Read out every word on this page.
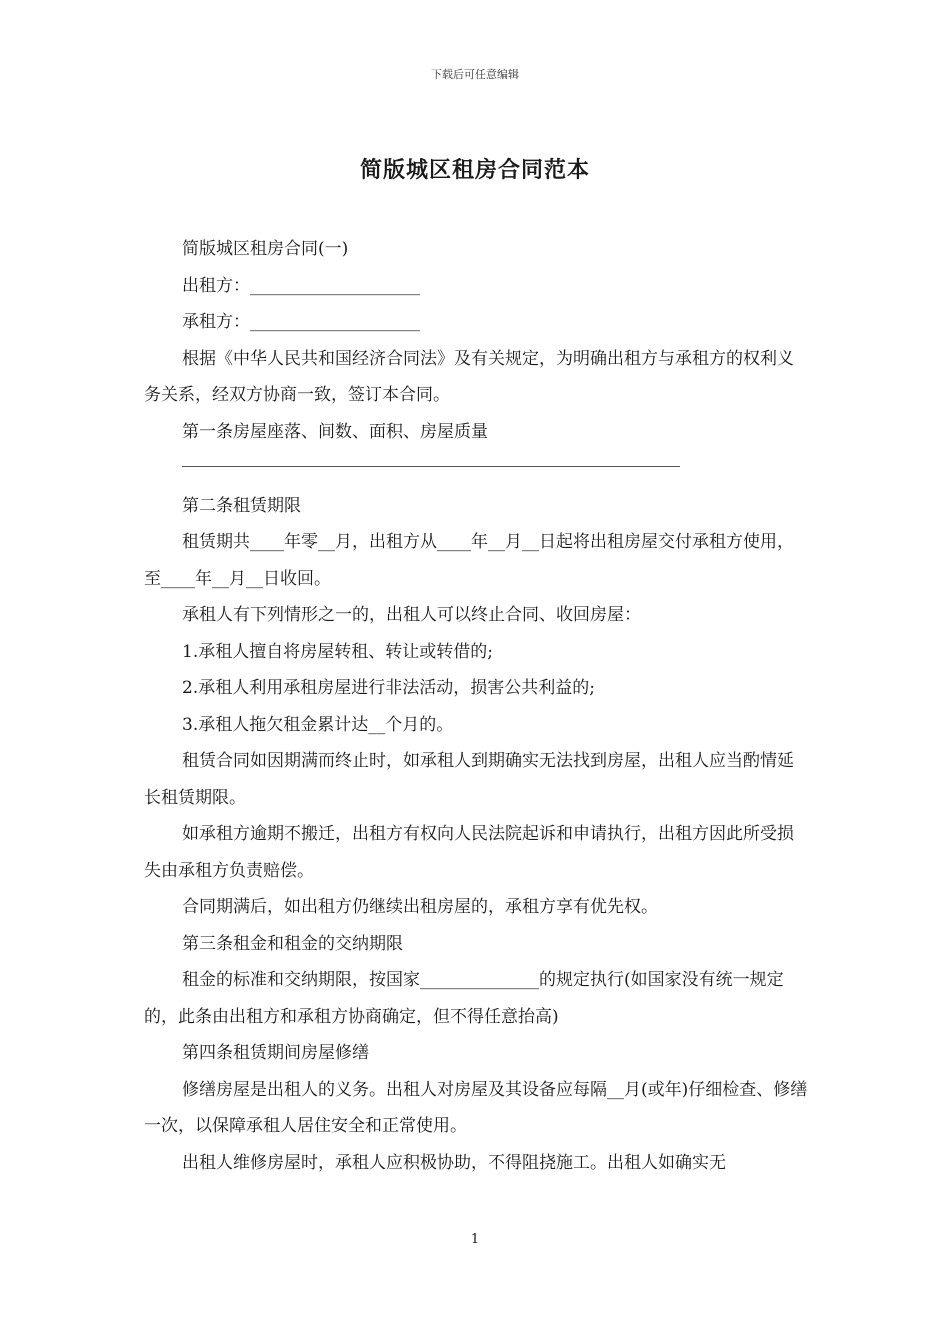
下载后可任意编辑
简版城区租房合同范本

简版城区租房合同(一)

出租方：____________________

承租方：____________________

根据《中华人民共和国经济合同法》及有关规定，为明确出租方与承租方的权利义务关系，经双方协商一致，签订本合同。

第一条房屋座落、间数、面积、房屋质量

第二条租赁期限

租赁期共____年零__月，出租方从____年__月__日起将出租房屋交付承租方使用，至____年__月__日收回。

承租人有下列情形之一的，出租人可以终止合同、收回房屋：

1.承租人擅自将房屋转租、转让或转借的;

2.承租人利用承租房屋进行非法活动，损害公共利益的;

3.承租人拖欠租金累计达__个月的。

租赁合同如因期满而终止时，如承租人到期确实无法找到房屋，出租人应当酌情延长租赁期限。

如承租方逾期不搬迁，出租方有权向人民法院起诉和申请执行，出租方因此所受损失由承租方负责赔偿。

合同期满后，如出租方仍继续出租房屋的，承租方享有优先权。

第三条租金和租金的交纳期限

租金的标准和交纳期限，按国家______________的规定执行(如国家没有统一规定的，此条由出租方和承租方协商确定，但不得任意抬高)

第四条租赁期间房屋修缮

修缮房屋是出租人的义务。出租人对房屋及其设备应每隔__月(或年)仔细检查、修缮一次，以保障承租人居住安全和正常使用。

出租人维修房屋时，承租人应积极协助，不得阻挠施工。出租人如确实无

1
